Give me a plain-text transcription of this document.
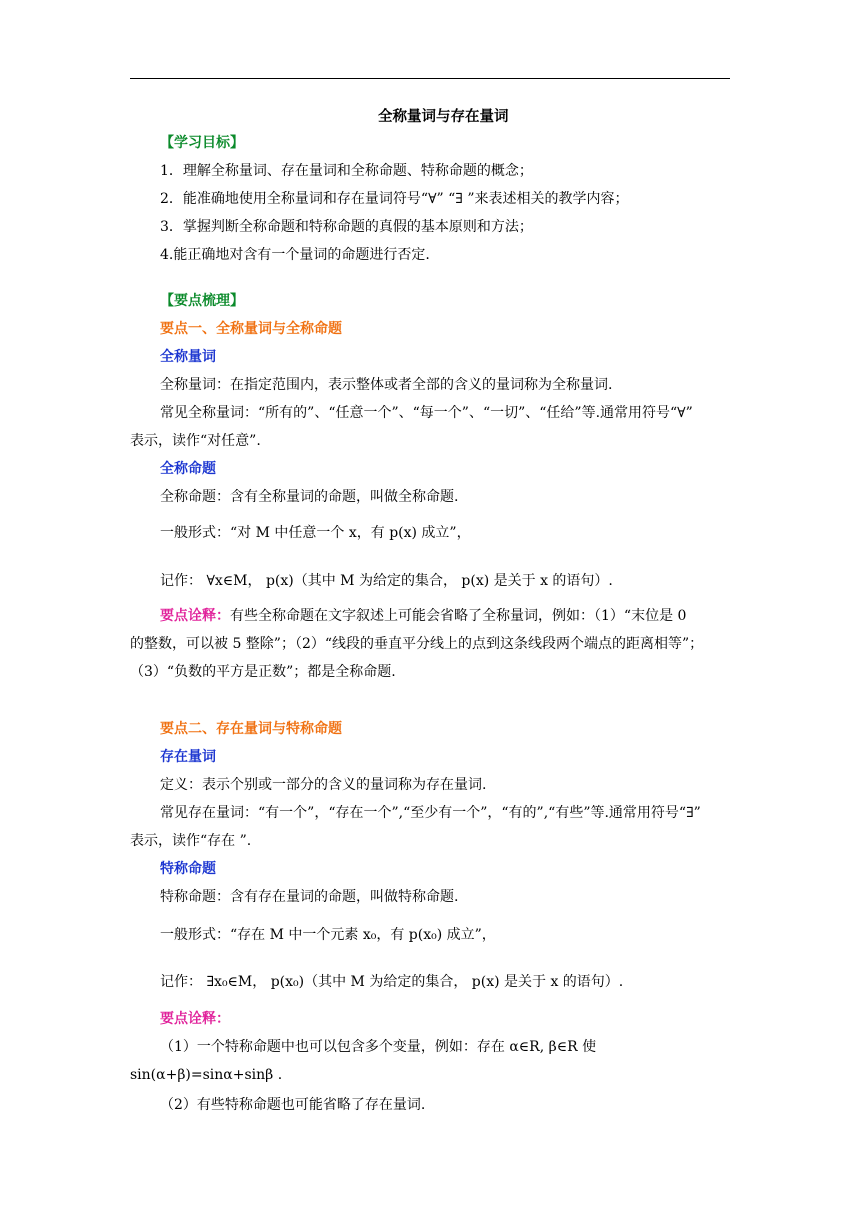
全称量词与存在量词
【学习目标】
1．理解全称量词、存在量词和全称命题、特称命题的概念；
2．能准确地使用全称量词和存在量词符号“∀” “∃ ”来表述相关的教学内容；
3．掌握判断全称命题和特称命题的真假的基本原则和方法；
4.能正确地对含有一个量词的命题进行否定.
【要点梳理】
要点一、全称量词与全称命题
全称量词
全称量词：在指定范围内，表示整体或者全部的含义的量词称为全称量词.
常见全称量词：“所有的”、“任意一个”、“每一个”、“一切”、“任给”等.通常用符号“∀”
表示，读作“对任意”.
全称命题
全称命题：含有全称量词的命题，叫做全称命题.
一般形式：“对 M 中任意一个 x，有 p(x) 成立”，
记作： ∀x∈M， p(x)（其中 M 为给定的集合， p(x) 是关于 x 的语句）.
要点诠释：有些全称命题在文字叙述上可能会省略了全称量词，例如：（1）“末位是 0
的整数，可以被 5 整除”；（2）“线段的垂直平分线上的点到这条线段两个端点的距离相等”；
（3）“负数的平方是正数”；都是全称命题.
要点二、存在量词与特称命题
存在量词
定义：表示个别或一部分的含义的量词称为存在量词.
常见存在量词：“有一个”，“存在一个”,“至少有一个”，“有的”,“有些”等.通常用符号“∃”
表示，读作“存在 ”.
特称命题
特称命题：含有存在量词的命题，叫做特称命题.
一般形式：“存在 M 中一个元素 x₀，有 p(x₀) 成立”，
记作： ∃x₀∈M， p(x₀)（其中 M 为给定的集合， p(x) 是关于 x 的语句）.
要点诠释：
（1）一个特称命题中也可以包含多个变量，例如：存在 α∈R, β∈R 使
sin(α+β)=sinα+sinβ .
（2）有些特称命题也可能省略了存在量词.
